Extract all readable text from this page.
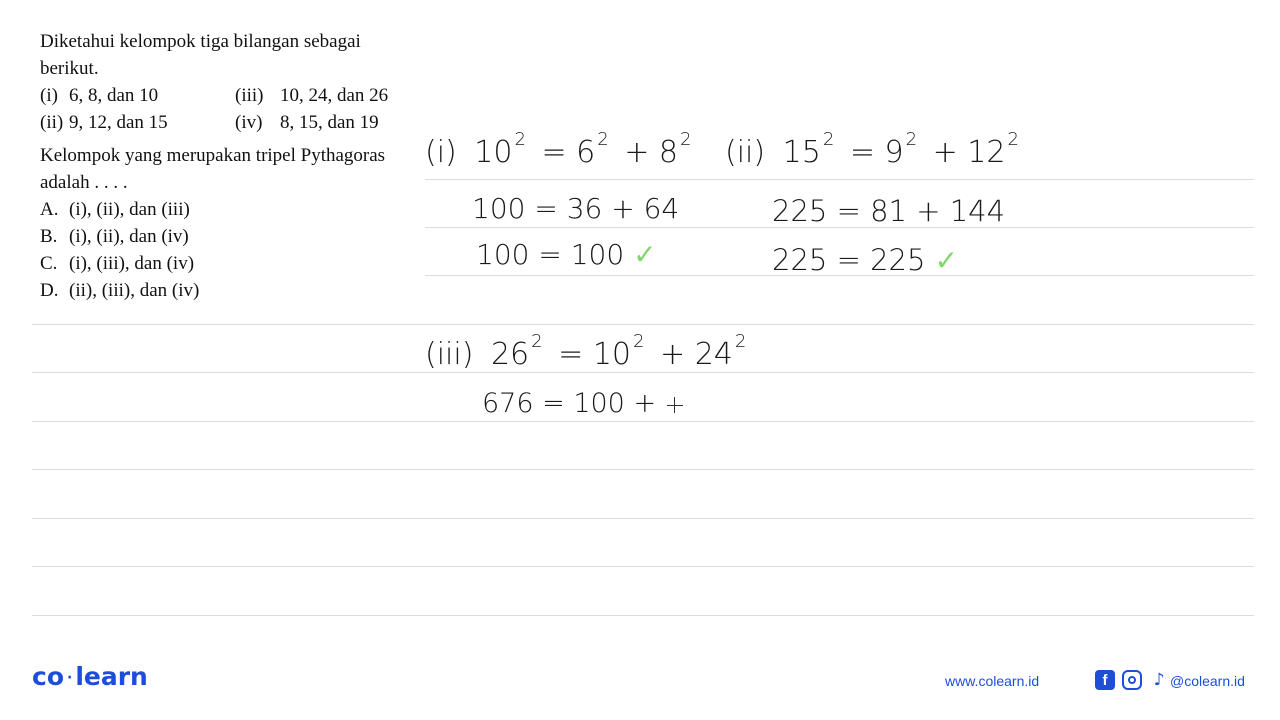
Diketahui kelompok tiga bilangan sebagai berikut.
(i) 6, 8, dan 10	(iii) 10, 24, dan 26
(ii) 9, 12, dan 15	(iv) 8, 15, dan 19
Kelompok yang merupakan tripel Pythagoras adalah . . . .
A. (i), (ii), dan (iii)
B. (i), (ii), dan (iv)
C. (i), (iii), dan (iv)
D. (ii), (iii), dan (iv)
(i) 10 $^2$ = 6 $^2$ + 8 $^2$
100 = 36 + 64
100 = 100 ✓
(ii) 15 $^2$ = 9 $^2$ + 12 $^2$
225 = 81 + 144
225 = 225 ✓
(iii) 26 $^2$ = 10 $^2$ + 24 $^2$
676 = 100 +
co · learn	www.colearn.id	f	♪ @colearn.id
